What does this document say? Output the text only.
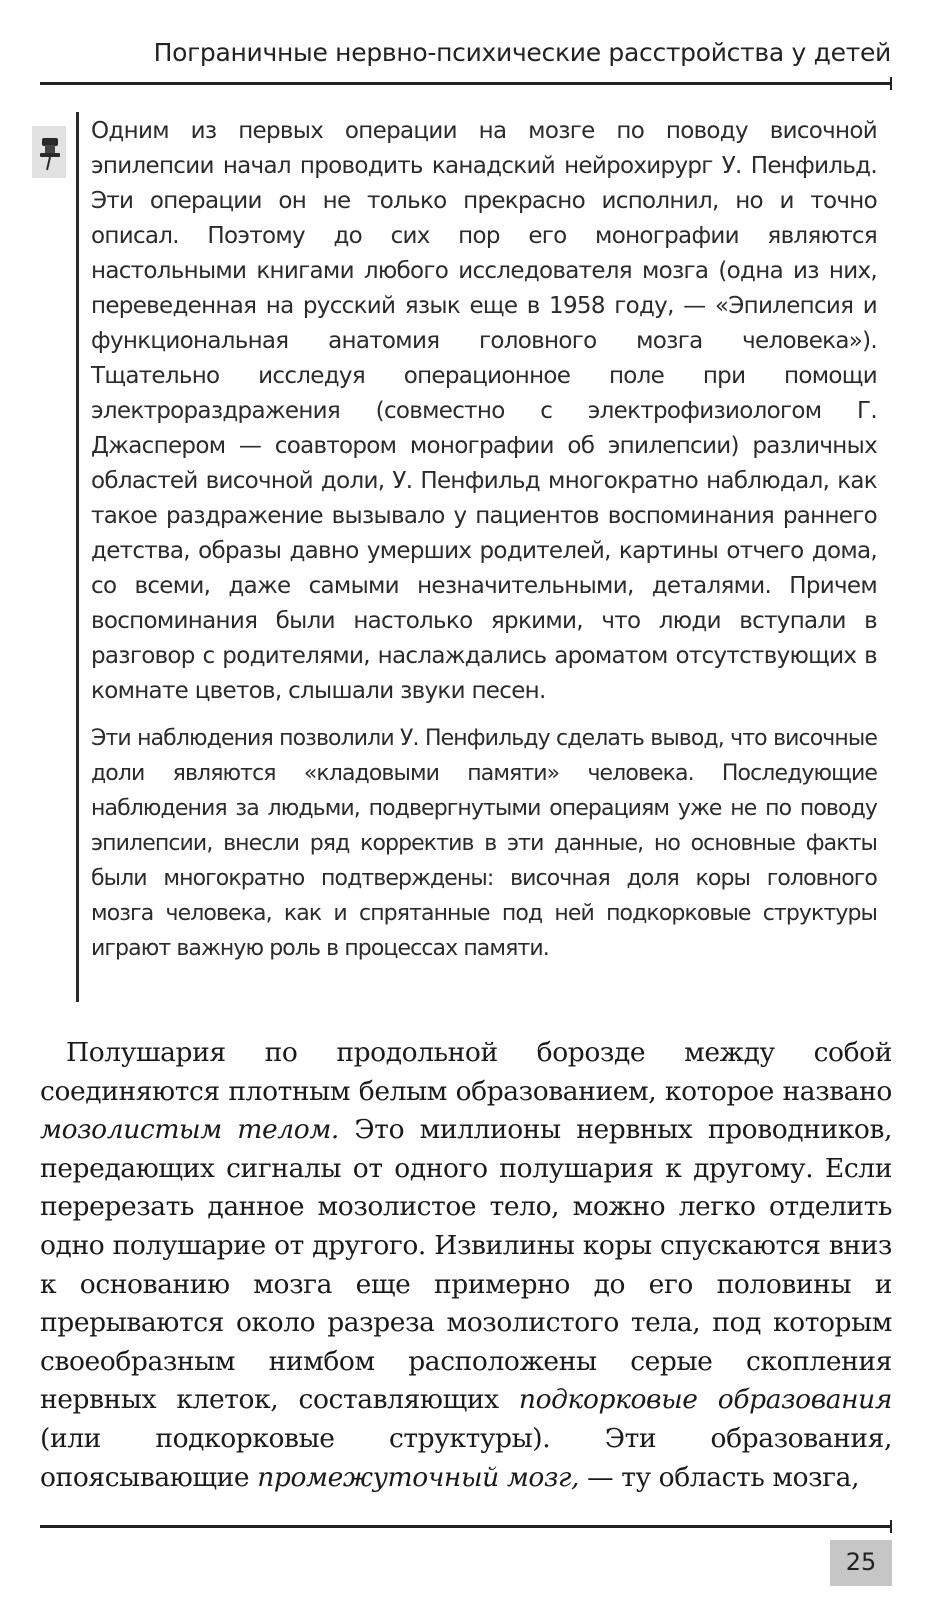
Пограничные нервно-психические расстройства у детей

Одним из первых операции на мозге по поводу височной эпилепсии начал проводить канадский нейрохирург У. Пенфильд. Эти операции он не только прекрасно исполнил, но и точно описал. Поэтому до сих пор его монографии являются настольными книгами любого исследователя мозга (одна из них, переведенная на русский язык еще в 1958 году, — «Эпилепсия и функциональная анатомия головного мозга человека»). Тщательно исследуя операционное поле при помощи электрораздражения (совместно с электрофизиологом Г. Джаспером — соавтором монографии об эпилепсии) различных областей височной доли, У. Пенфильд многократно наблюдал, как такое раздражение вызывало у пациентов воспоминания раннего детства, образы давно умерших родителей, картины отчего дома, со всеми, даже самыми незначительными, деталями. Причем воспоминания были настолько яркими, что люди вступали в разговор с родителями, наслаждались ароматом отсутствующих в комнате цветов, слышали звуки песен.

Эти наблюдения позволили У. Пенфильду сделать вывод, что височные доли являются «кладовыми памяти» человека. Последующие наблюдения за людьми, подвергнутыми операциям уже не по поводу эпилепсии, внесли ряд корректив в эти данные, но основные факты были многократно подтверждены: височная доля коры головного мозга человека, как и спрятанные под ней подкорковые структуры играют важную роль в процессах памяти.

Полушария по продольной борозде между собой соединяются плотным белым образованием, которое названо мозолистым телом. Это миллионы нервных проводников, передающих сигналы от одного полушария к другому. Если перерезать данное мозолистое тело, можно легко отделить одно полушарие от другого. Извилины коры спускаются вниз к основанию мозга еще примерно до его половины и прерываются около разреза мозолистого тела, под которым своеобразным нимбом расположены серые скопления нервных клеток, составляющих подкорковые образования (или подкорковые структуры). Эти образования, опоясывающие промежуточный мозг, — ту область мозга,

25
